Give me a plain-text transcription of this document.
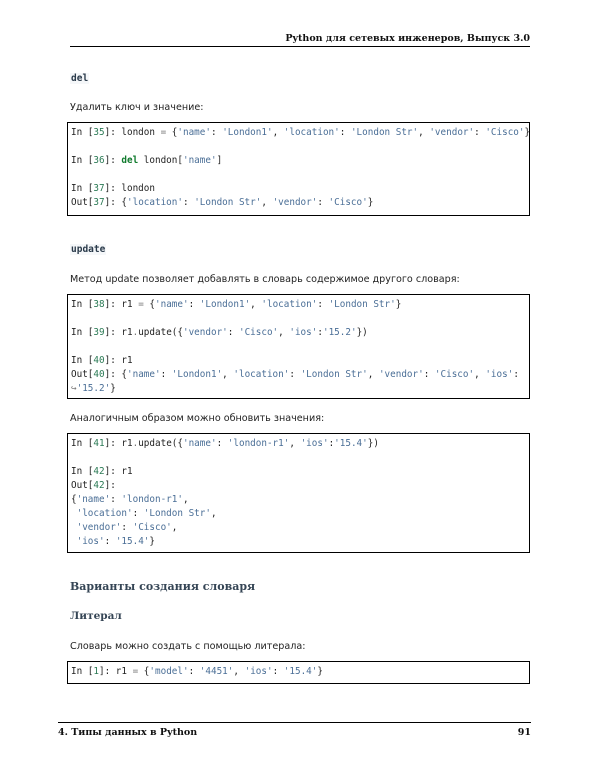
Python для сетевых инженеров, Выпуск 3.0
del
Удалить ключ и значение:
In [35]: london = {'name': 'London1', 'location': 'London Str', 'vendor': 'Cisco'}
In [36]: del london['name']
In [37]: london
Out[37]: {'location': 'London Str', 'vendor': 'Cisco'}
update
Метод update позволяет добавлять в словарь содержимое другого словаря:
In [38]: r1 = {'name': 'London1', 'location': 'London Str'}
In [39]: r1.update({'vendor': 'Cisco', 'ios':'15.2'})
In [40]: r1
Out[40]: {'name': 'London1', 'location': 'London Str', 'vendor': 'Cisco', 'ios':
↪'15.2'}
Аналогичным образом можно обновить значения:
In [41]: r1.update({'name': 'london-r1', 'ios':'15.4'})
In [42]: r1
Out[42]:
{'name': 'london-r1',
'location': 'London Str',
'vendor': 'Cisco',
'ios': '15.4'}
Варианты создания словаря
Литерал
Словарь можно создать с помощью литерала:
In [1]: r1 = {'model': '4451', 'ios': '15.4'}
4. Типы данных в Python	91
